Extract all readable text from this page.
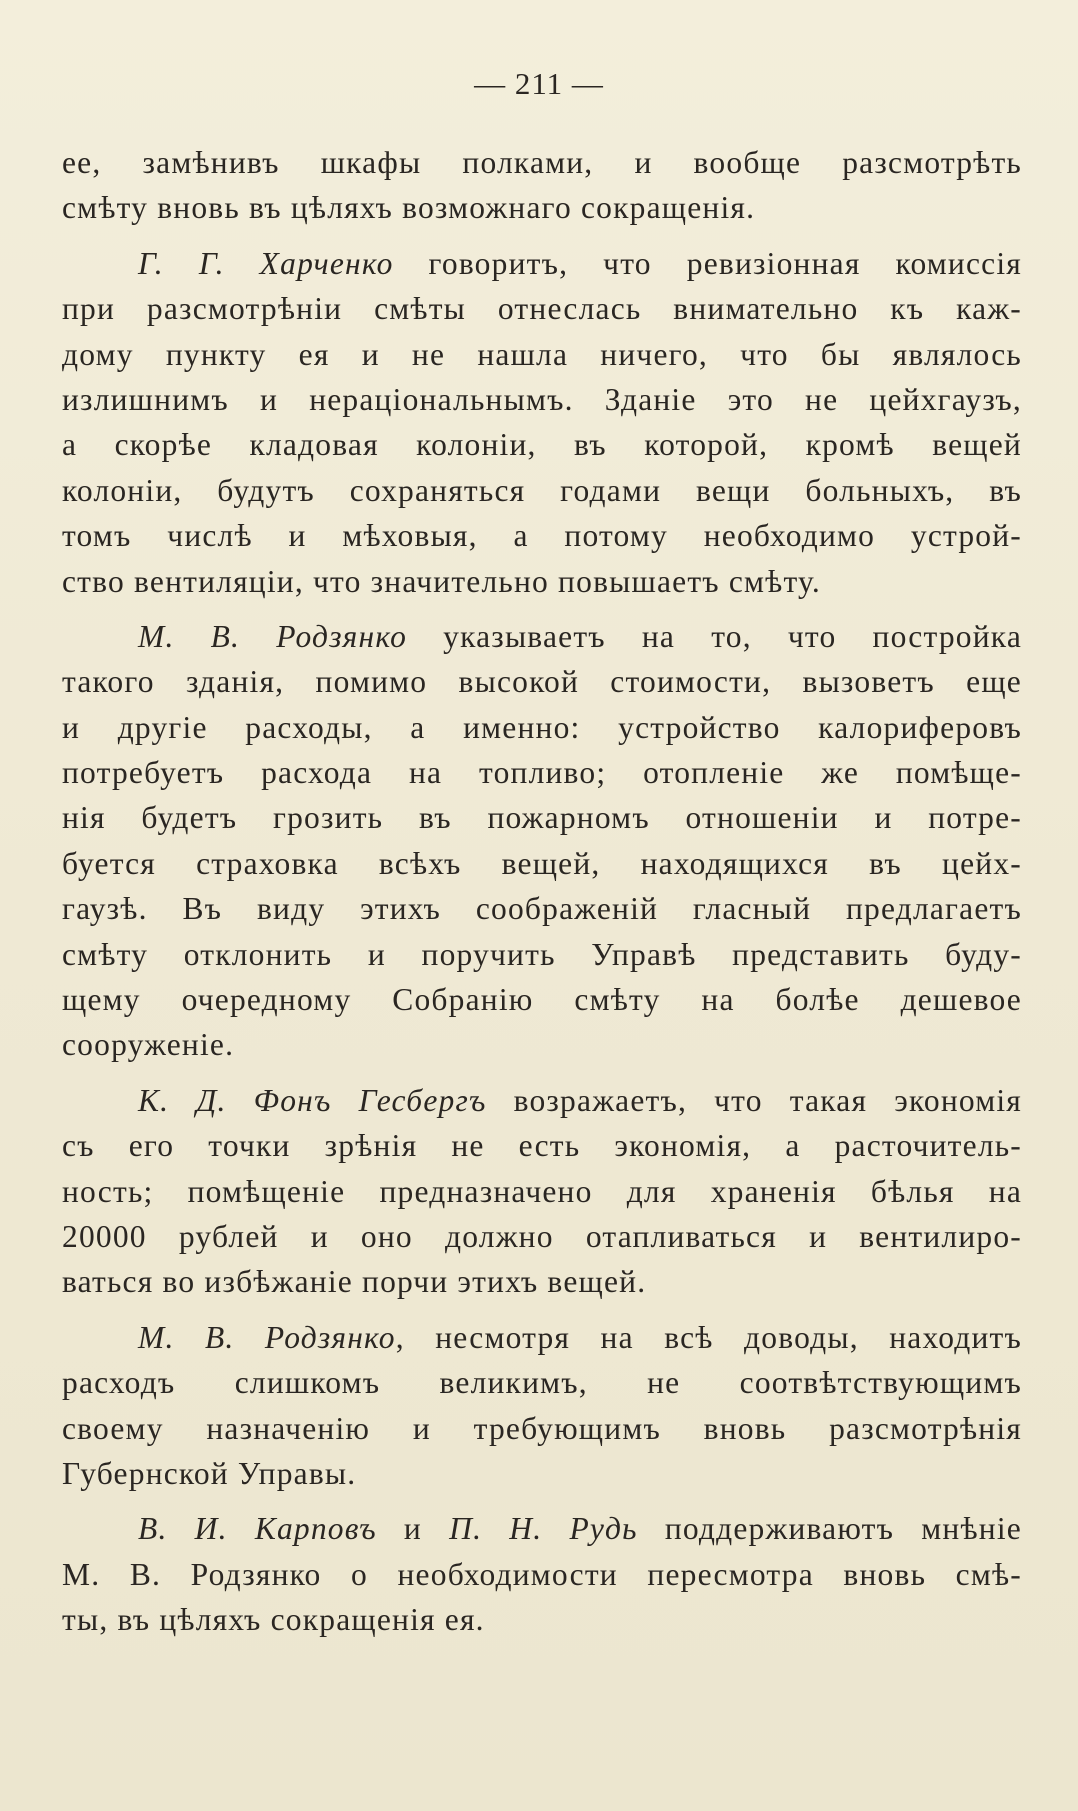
— 211 —

ее, замѣнивъ шкафы полками, и вообще разсмотрѣть
смѣту вновь въ цѣляхъ возможнаго сокращенія.

Г. Г. Харченко говоритъ, что ревизіонная комиссія
при разсмотрѣніи смѣты отнеслась внимательно къ каж-
дому пункту ея и не нашла ничего, что бы являлось
излишнимъ и нераціональнымъ. Зданіе это не цейхгаузъ,
а скорѣе кладовая колоніи, въ которой, кромѣ вещей
колоніи, будутъ сохраняться годами вещи больныхъ, въ
томъ числѣ и мѣховыя, а потому необходимо устрой-
ство вентиляціи, что значительно повышаетъ смѣту.

М. В. Родзянко указываетъ на то, что постройка
такого зданія, помимо высокой стоимости, вызоветъ еще
и другіе расходы, а именно: устройство калориферовъ
потребуетъ расхода на топливо; отопленіе же помѣще-
нія будетъ грозить въ пожарномъ отношеніи и потре-
буется страховка всѣхъ вещей, находящихся въ цейх-
гаузѣ. Въ виду этихъ соображеній гласный предлагаетъ
смѣту отклонить и поручить Управѣ представить буду-
щему очередному Собранію смѣту на болѣе дешевое
сооруженіе.

К. Д. Фонъ Гесбергъ возражаетъ, что такая экономія
съ его точки зрѣнія не есть экономія, а расточитель-
ность; помѣщеніе предназначено для храненія бѣлья на
20000 рублей и оно должно отапливаться и вентилиро-
ваться во избѣжаніе порчи этихъ вещей.

М. В. Родзянко, несмотря на всѣ доводы, находитъ
расходъ слишкомъ великимъ, не соотвѣтствующимъ
своему назначенію и требующимъ вновь разсмотрѣнія
Губернской Управы.

В. И. Карповъ и П. Н. Рудь поддерживаютъ мнѣніе
М. В. Родзянко о необходимости пересмотра вновь смѣ-
ты, въ цѣляхъ сокращенія ея.
